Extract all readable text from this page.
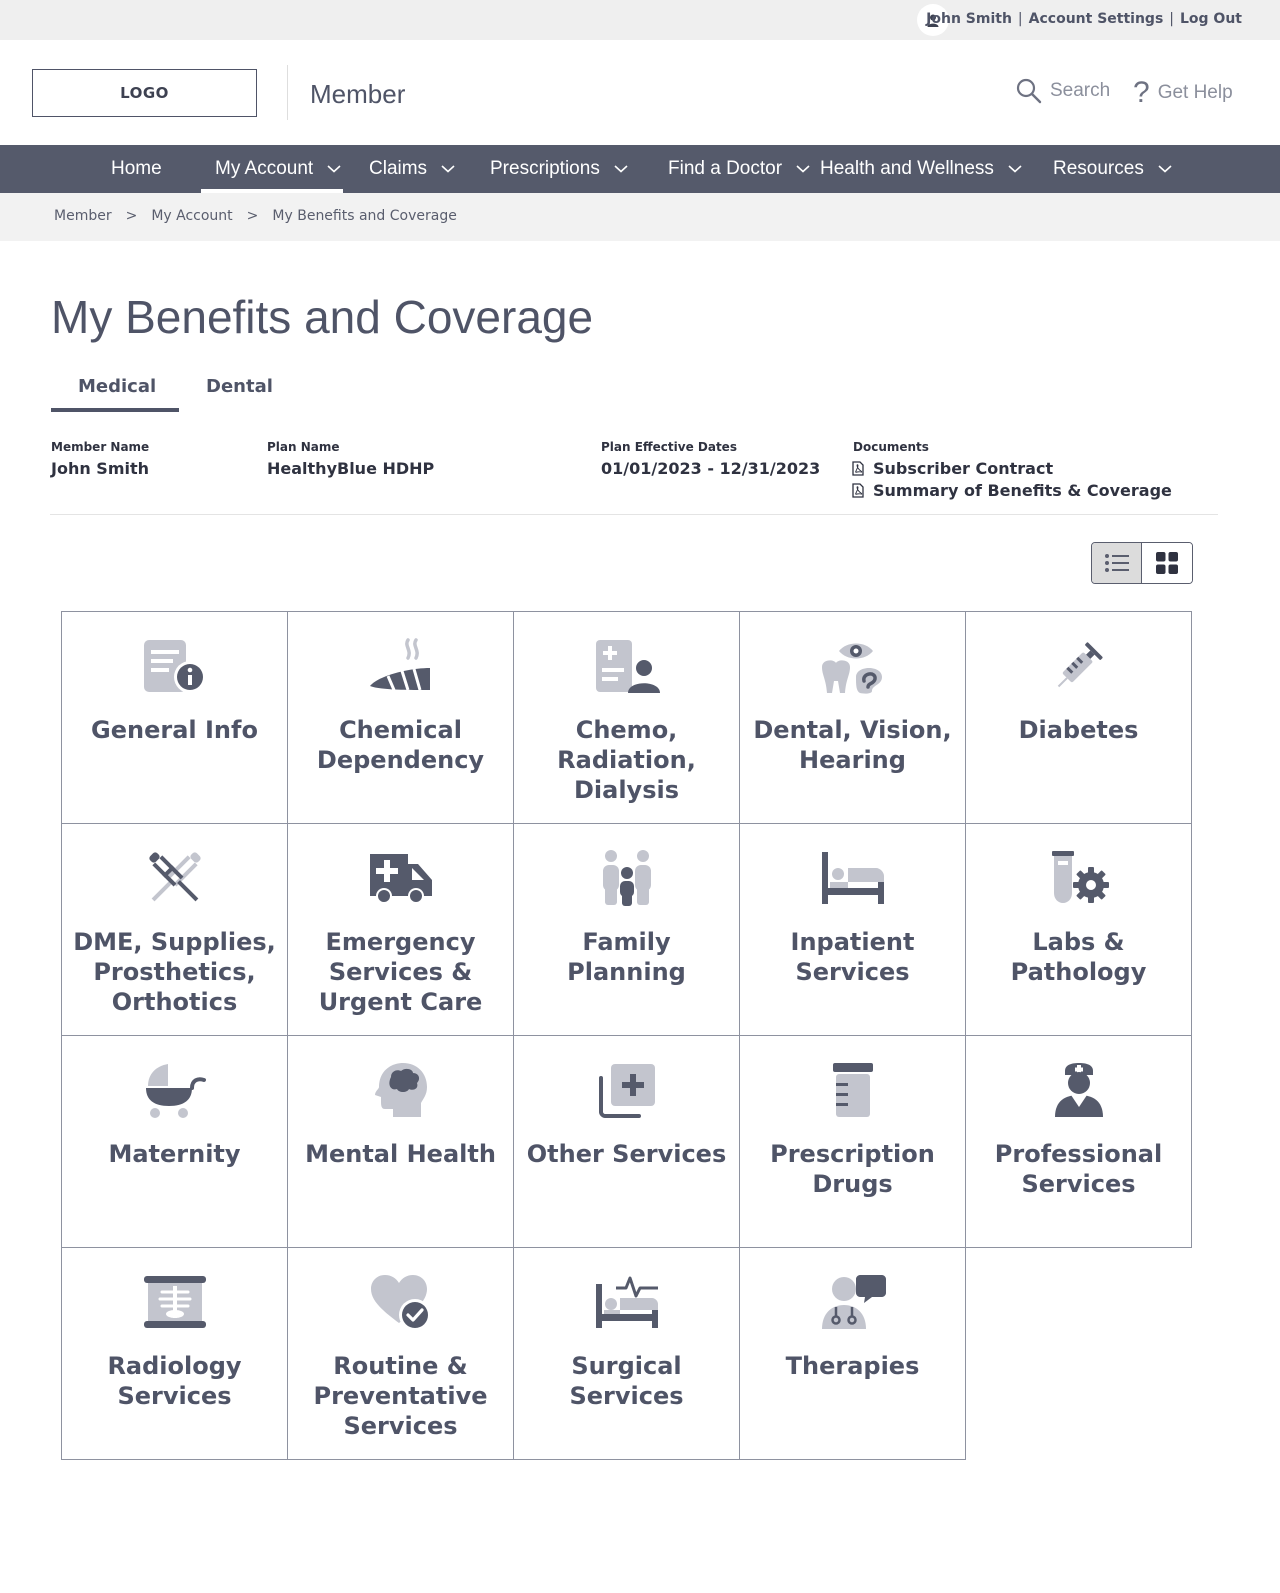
John Smith | Account Settings | Log Out
LOGO	Member	Search ? Get Help
Home	My Account	Claims	Prescriptions	Find a Doctor Health and Wellness	Resources
Member > My Account > My Benefits and Coverage
My Benefits and Coverage
Medical	Dental
Member Name
John Smith
Plan Name
HealthyBlue HDHP
Plan Effective Dates
01/01/2023 - 12/31/2023
Documents
Subscriber Contract
Summary of Benefits & Coverage
General Info	Chemical Dependency
Chemo, Radiation, Dialysis
Dental, Vision, Hearing
Diabetes
DME, Supplies, Prosthetics, Orthotics
Emergency Services & Urgent Care
Family Planning
Inpatient Services
Labs & Pathology
Maternity	Mental Health	Other Services	Prescription Drugs
Professional Services
Radiology Services
Routine & Preventative Services
Surgical Services
Therapies
